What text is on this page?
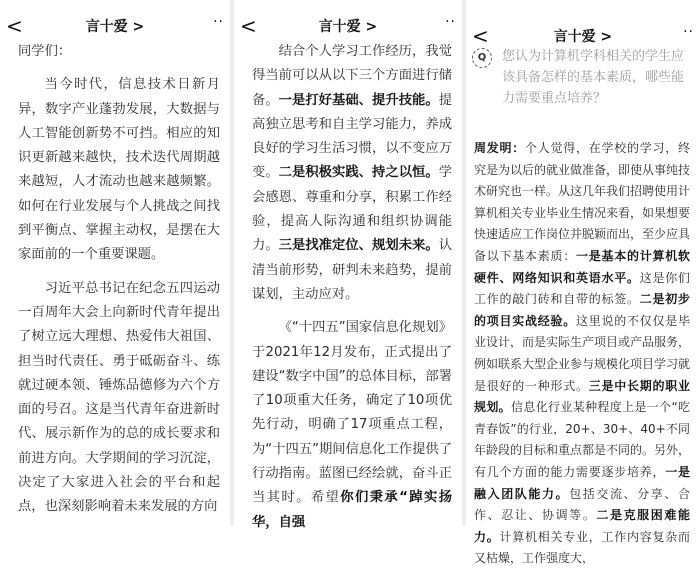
<	言十爱 >	··

同学们：

当今时代，信息技术日新月异，数字产业蓬勃发展，大数据与人工智能创新势不可挡。相应的知识更新越来越快，技术迭代周期越来越短，人才流动也越来越频繁。如何在行业发展与个人挑战之间找到平衡点、掌握主动权，是摆在大家面前的一个重要课题。

习近平总书记在纪念五四运动一百周年大会上向新时代青年提出了树立远大理想、热爱伟大祖国、担当时代责任、勇于砥砺奋斗、练就过硬本领、锤炼品德修为六个方面的号召。这是当代青年奋进新时代、展示新作为的总的成长要求和前进方向。大学期间的学习沉淀，决定了大家进入社会的平台和起点，也深刻影响着未来发展的方向

<	言十爱 >	··

结合个人学习工作经历，我觉得当前可以从以下三个方面进行储备。一是打好基础、提升技能。提高独立思考和自主学习能力，养成良好的学习生活习惯，以不变应万变。二是积极实践、持之以恒。学会感恩、尊重和分享，积累工作经验，提高人际沟通和组织协调能力。三是找准定位、规划未来。认清当前形势，研判未来趋势，提前谋划，主动应对。

《“十四五”国家信息化规划》于2021年12月发布，正式提出了建设“数字中国”的总体目标，部署了10项重大任务，确定了10项优先行动，明确了17项重点工程，为“十四五”期间信息化工作提供了行动指南。蓝图已经绘就，奋斗正当其时。希望你们秉承“踔实扬华，自强

<	言十爱 >	··
Q	您认为计算机学科相关的学生应该具备怎样的基本素质，哪些能力需要重点培养？

周发明：个人觉得，在学校的学习，终究是为以后的就业做准备，即使从事纯技术研究也一样。从这几年我们招聘使用计算机相关专业毕业生情况来看，如果想要快速适应工作岗位并脱颖而出，至少应具备以下基本素质：一是基本的计算机软硬件、网络知识和英语水平。这是你们工作的敲门砖和自带的标签。二是初步的项目实战经验。这里说的不仅仅是毕业设计，而是实际生产项目或产品服务，例如联系大型企业参与规模化项目学习就是很好的一种形式。三是中长期的职业规划。信息化行业某种程度上是一个“吃青春饭”的行业，20+、30+、40+不同年龄段的目标和重点都是不同的。另外，有几个方面的能力需要逐步培养，一是融入团队能力。包括交流、分享、合作、忍让、协调等。二是克服困难能力。计算机相关专业，工作内容复杂而又枯燥，工作强度大，
